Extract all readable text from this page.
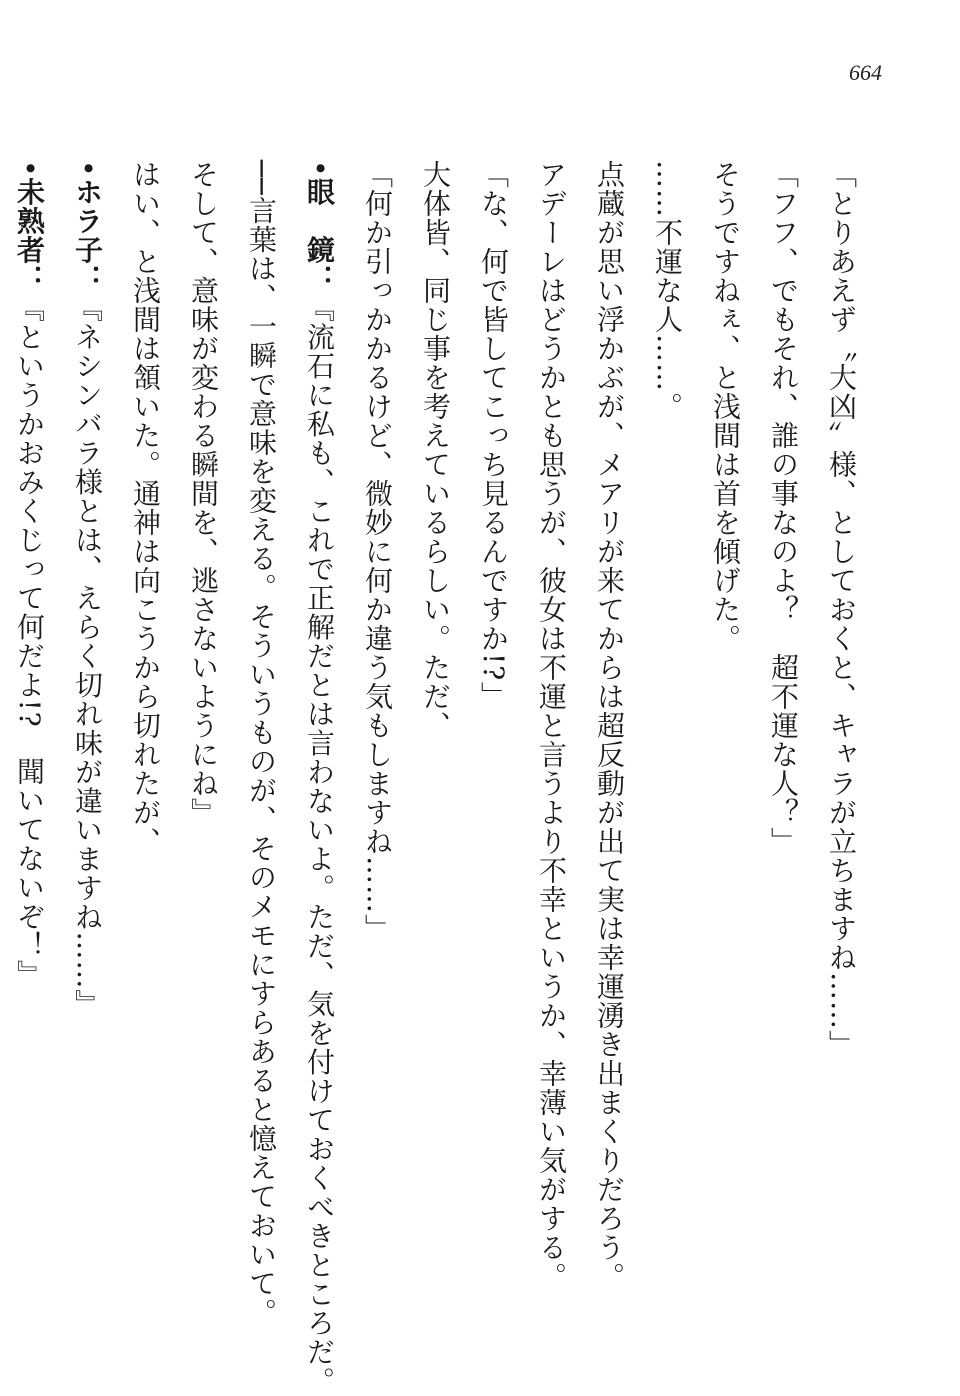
664
「とりあえず〝大凶〟様、としておくと、キャラが立ちますね……」
「フフ、でもそれ、誰の事なのよ？　超不運な人？」
そうですねぇ、と浅間は首を傾げた。
……不運な人……。
点蔵が思い浮かぶが、メアリが来てからは超反動が出て実は幸運湧き出まくりだろう。
アデーレはどうかとも思うが、彼女は不運と言うより不幸というか、幸薄い気がする。
「な、何で皆してこっち見るんですか!?」
大体皆、同じ事を考えているらしい。ただ、
「何か引っかかるけど、微妙に何か違う気もしますね……」
•眼　鏡：『流石に私も、これで正解だとは言わないよ。ただ、気を付けておくべきところだ。
──言葉は、一瞬で意味を変える。そういうものが、そのメモにすらあると憶えておいて。
そして、意味が変わる瞬間を、逃さないようにね』
はい、と浅間は頷いた。通神は向こうから切れたが、
•ホラ子：『ネシンバラ様とは、えらく切れ味が違いますね……』
•未熟者：『というかおみくじって何だよ!?　聞いてないぞ！』
